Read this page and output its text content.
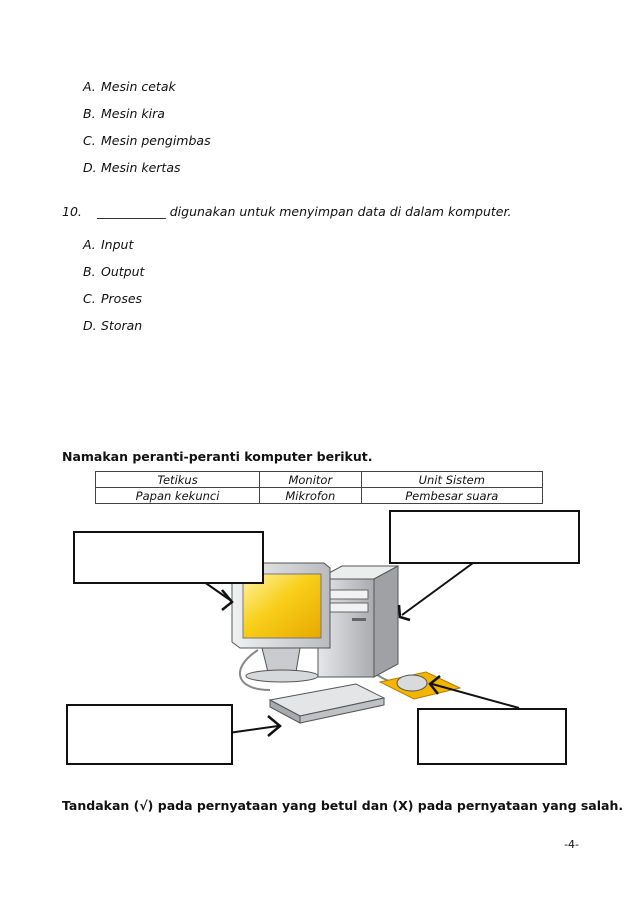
A. Mesin cetak
B. Mesin kira
C. Mesin pengimbas
D. Mesin kertas
10. ___________ digunakan untuk menyimpan data di dalam komputer.
A. Input
B. Output
C. Proses
D. Storan
Namakan peranti-peranti komputer berikut.
Tetikus	Monitor	Unit Sistem
Papan kekunci	Mikrofon	Pembesar suara
Tandakan (√) pada pernyataan yang betul dan (X) pada pernyataan yang salah.
-4-
